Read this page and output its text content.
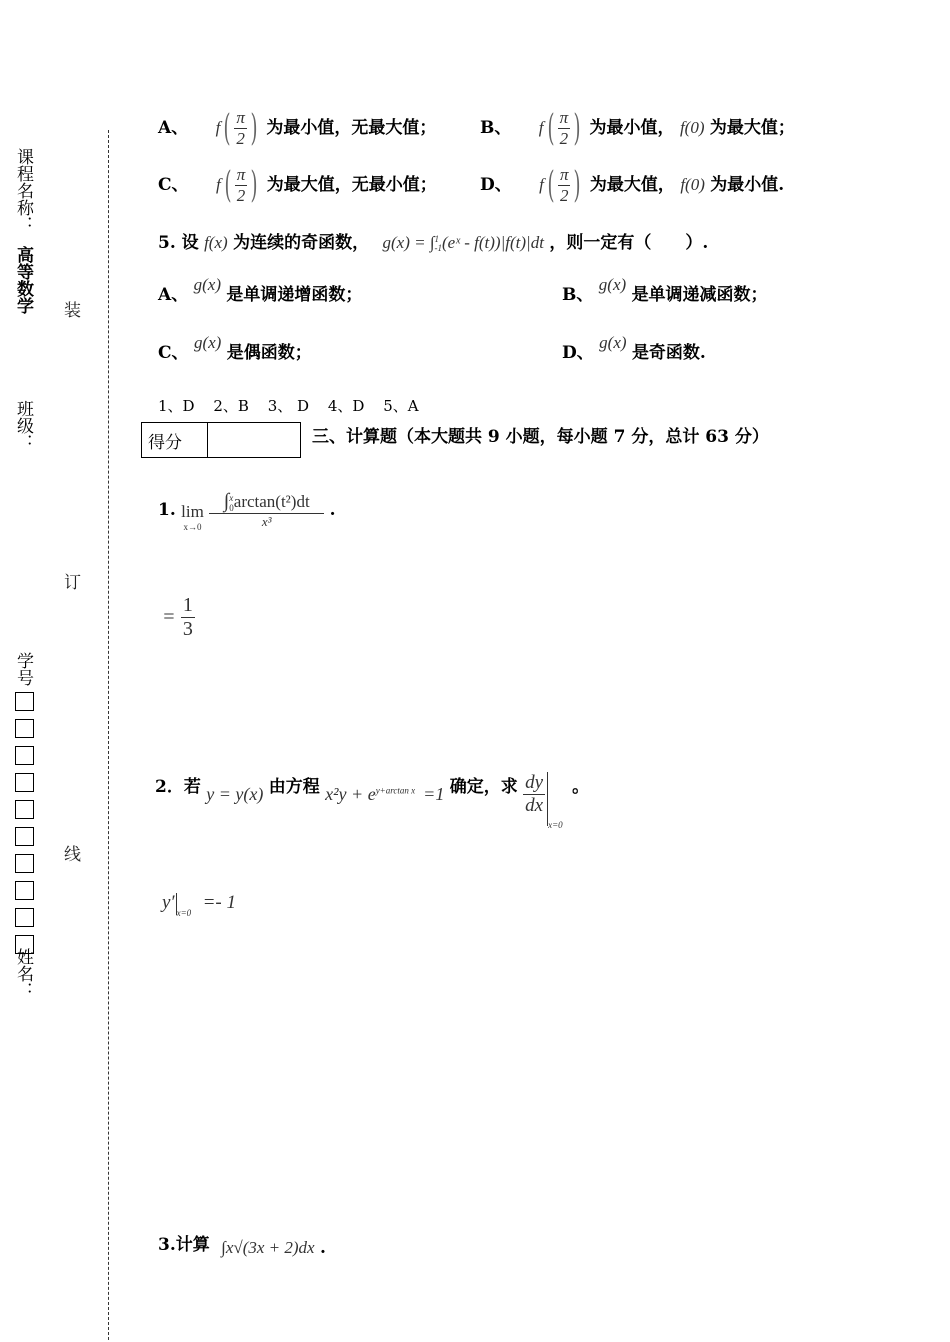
课程名称：
高等数学
班级：
学号
姓名：
装
订
线
A、 $f( \frac{\pi}{2}$ ) 为最小值，无最大值；	B、 $f( \frac{\pi}{2}$ ) 为最小值， f(0) 为最大值；
C、 $f( \frac{\pi}{2}$ ) 为最大值，无最小值；	D、 $f( \frac{\pi}{2}$ ) 为最大值， f(0) 为最小值.
5. 设 f(x) 为连续的奇函数， g(x) = ∫ 1
-1 (eˣ - f(t))|f(t)|dt ，则一定有（　　）.
A、 g(x) 是单调递增函数；	B、 g(x) 是单调递减函数；
C、 g(x) 是偶函数；	D、 g(x) 是奇函数.
1、D 2、B 3、 D 4、D 5、A
得分		三、计算题（本大题共 9 小题，每小题 7 分，总计 63 分）
1. lim
x→0
∫ x
0 arctan(t²)dt
x³ .
= $\frac{1}{3}$
2．若 y = y(x) 由方程 $x^2y + e^{y+arctan x} =1$ 确定，求 $\frac{dy}{dx}$
$_{x=0}$ 。
y′ $_{x=0}$ =- 1
3.计算 ∫x√(3x + 2)dx .
